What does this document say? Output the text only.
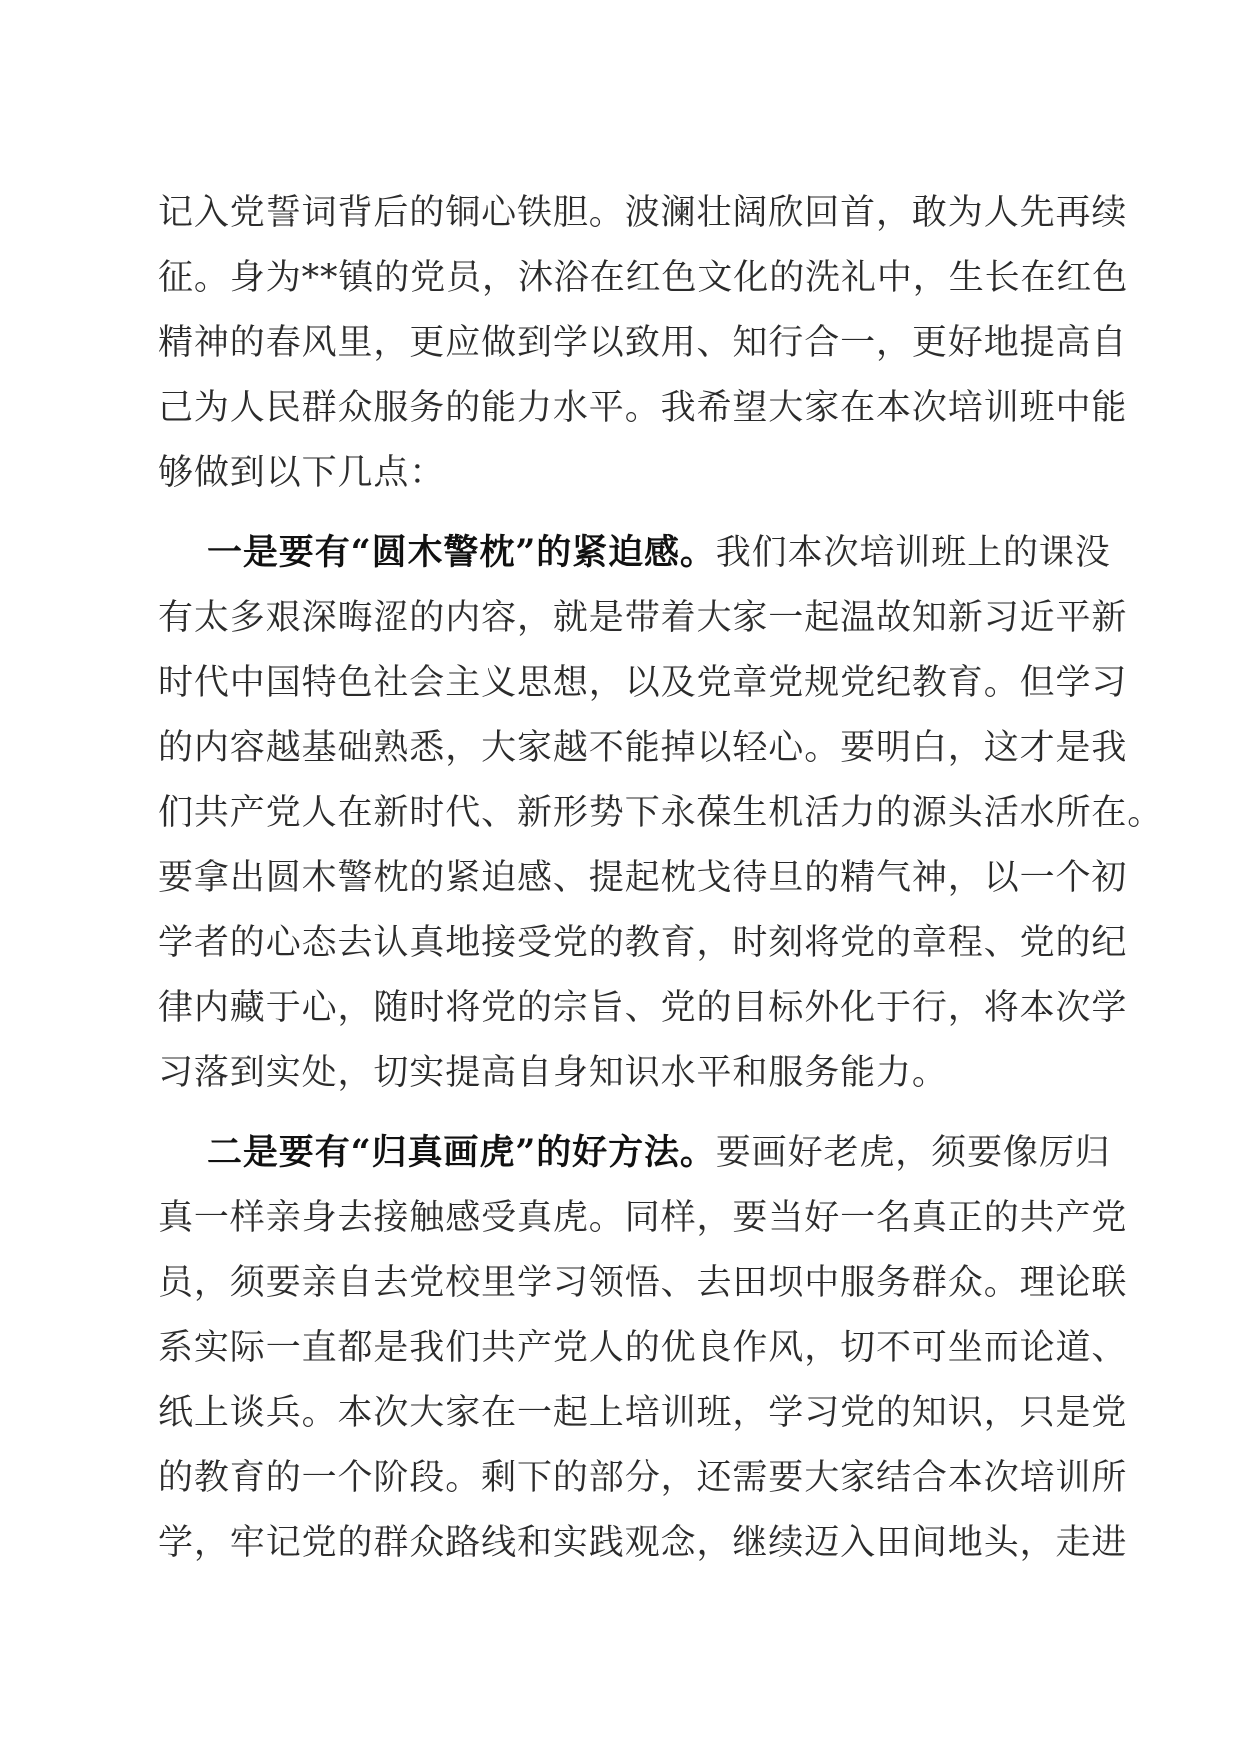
记入党誓词背后的铜心铁胆。波澜壮阔欣回首，敢为人先再续
征。身为**镇的党员，沐浴在红色文化的洗礼中，生长在红色
精神的春风里，更应做到学以致用、知行合一，更好地提高自
己为人民群众服务的能力水平。我希望大家在本次培训班中能
够做到以下几点：
一是要有“圆木警枕”的紧迫感。我们本次培训班上的课没
有太多艰深晦涩的内容，就是带着大家一起温故知新习近平新
时代中国特色社会主义思想，以及党章党规党纪教育。但学习
的内容越基础熟悉，大家越不能掉以轻心。要明白，这才是我
们共产党人在新时代、新形势下永葆生机活力的源头活水所在。
要拿出圆木警枕的紧迫感、提起枕戈待旦的精气神，以一个初
学者的心态去认真地接受党的教育，时刻将党的章程、党的纪
律内藏于心，随时将党的宗旨、党的目标外化于行，将本次学
习落到实处，切实提高自身知识水平和服务能力。
二是要有“归真画虎”的好方法。要画好老虎，须要像厉归
真一样亲身去接触感受真虎。同样，要当好一名真正的共产党
员，须要亲自去党校里学习领悟、去田坝中服务群众。理论联
系实际一直都是我们共产党人的优良作风，切不可坐而论道、
纸上谈兵。本次大家在一起上培训班，学习党的知识，只是党
的教育的一个阶段。剩下的部分，还需要大家结合本次培训所
学，牢记党的群众路线和实践观念，继续迈入田间地头，走进
